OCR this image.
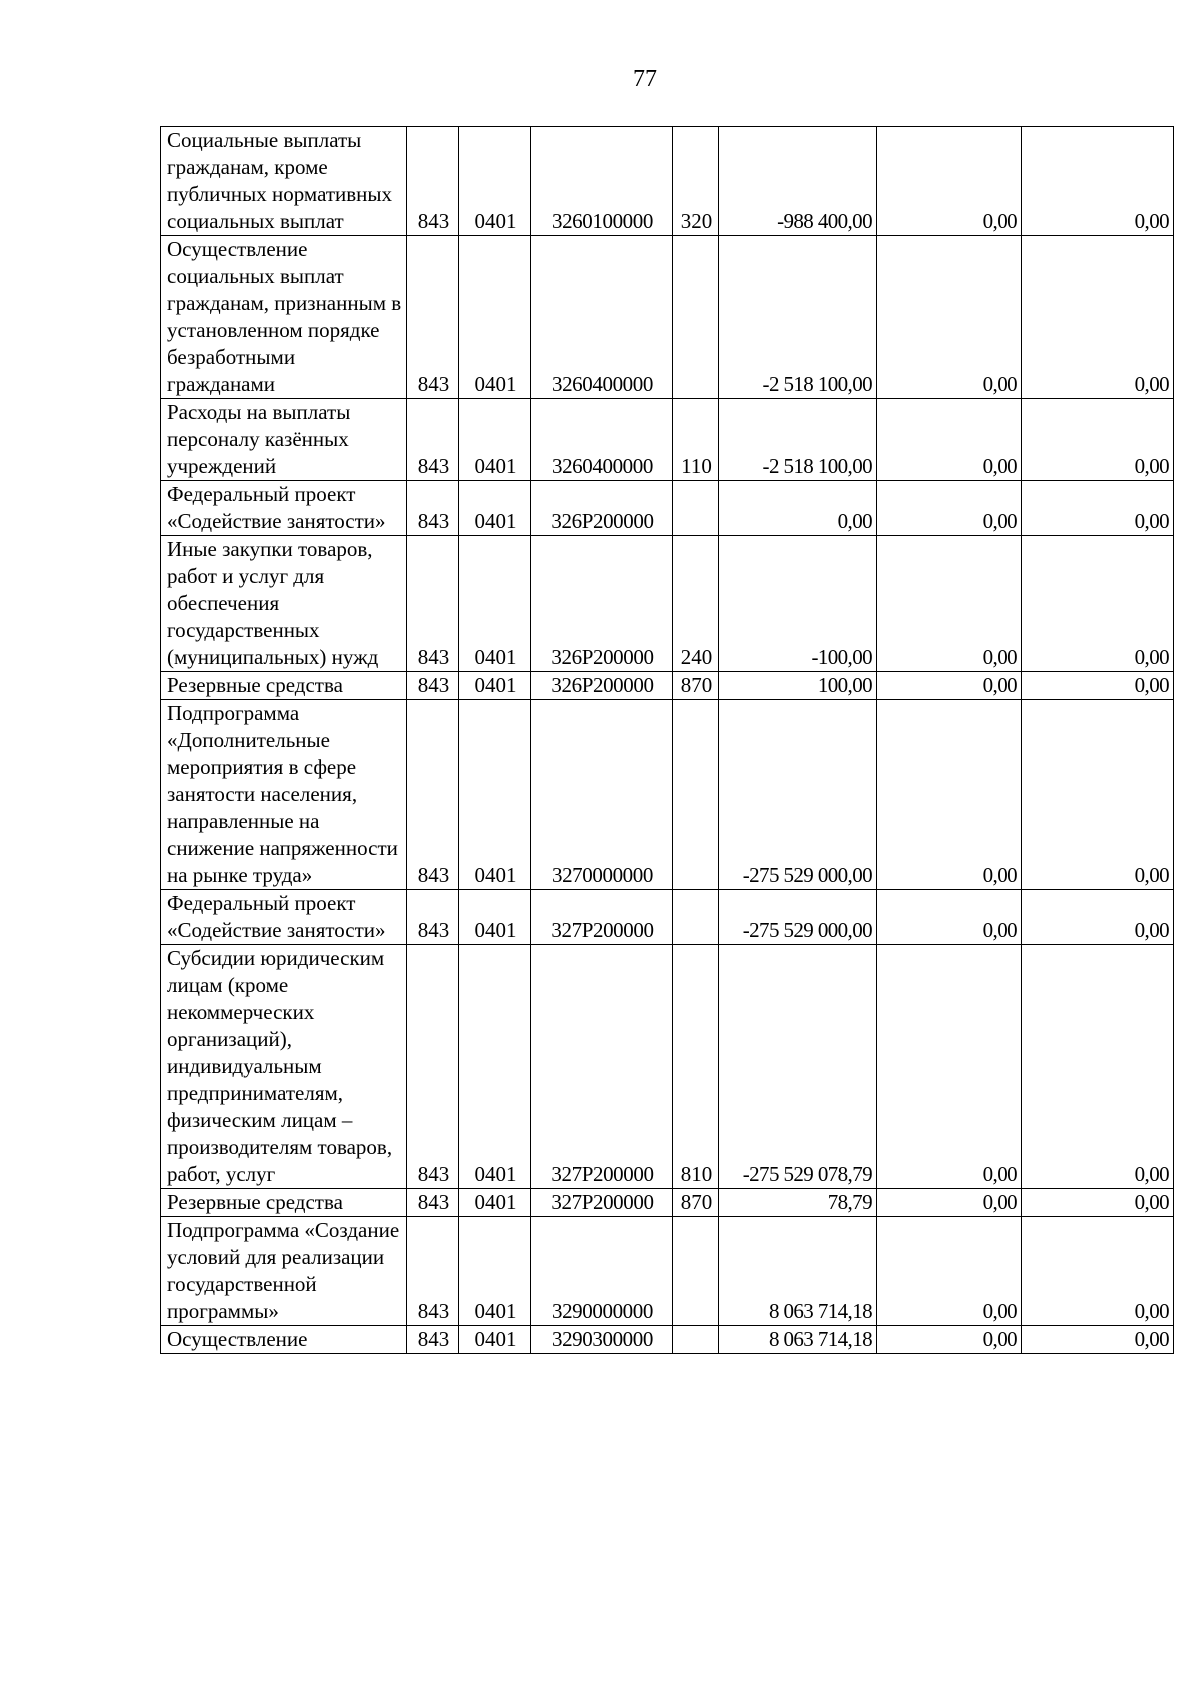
77
Социальные выплаты гражданам, кроме публичных нормативных социальных выплат	843	0401	3260100000	320	-988 400,00	0,00	0,00
Осуществление социальных выплат гражданам, признанным в установленном порядке безработными гражданами	843	0401	3260400000		-2 518 100,00	0,00	0,00
Расходы на выплаты персоналу казённых учреждений	843	0401	3260400000	110	-2 518 100,00	0,00	0,00
Федеральный проект «Содействие занятости»	843	0401	326Р200000		0,00	0,00	0,00
Иные закупки товаров, работ и услуг для обеспечения государственных (муниципальных) нужд	843	0401	326Р200000	240	-100,00	0,00	0,00
Резервные средства	843	0401	326Р200000	870	100,00	0,00	0,00
Подпрограмма «Дополнительные мероприятия в сфере занятости населения, направленные на снижение напряженности на рынке труда»	843	0401	3270000000		-275 529 000,00	0,00	0,00
Федеральный проект «Содействие занятости»	843	0401	327Р200000		-275 529 000,00	0,00	0,00
Субсидии юридическим лицам (кроме некоммерческих организаций), индивидуальным предпринимателям, физическим лицам – производителям товаров, работ, услуг	843	0401	327Р200000	810	-275 529 078,79	0,00	0,00
Резервные средства	843	0401	327Р200000	870	78,79	0,00	0,00
Подпрограмма «Создание условий для реализации государственной программы»	843	0401	3290000000		8 063 714,18	0,00	0,00
Осуществление	843	0401	3290300000		8 063 714,18	0,00	0,00
